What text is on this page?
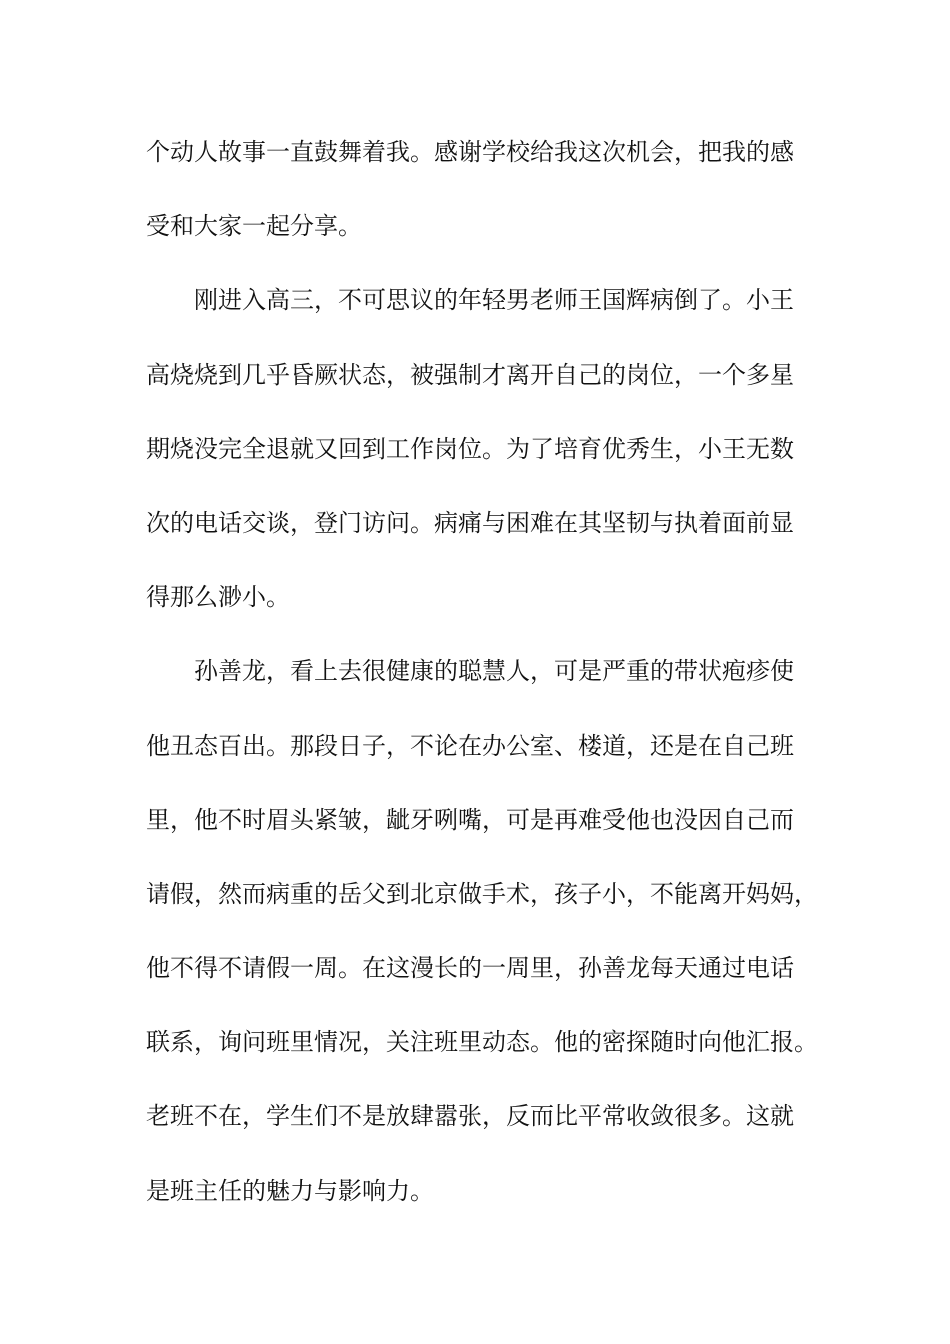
个动人故事一直鼓舞着我。感谢学校给我这次机会，把我的感
受和大家一起分享。
　　刚进入高三，不可思议的年轻男老师王国辉病倒了。小王
高烧烧到几乎昏厥状态，被强制才离开自己的岗位，一个多星
期烧没完全退就又回到工作岗位。为了培育优秀生，小王无数
次的电话交谈，登门访问。病痛与困难在其坚韧与执着面前显
得那么渺小。
　　孙善龙，看上去很健康的聪慧人，可是严重的带状疱疹使
他丑态百出。那段日子，不论在办公室、楼道，还是在自己班
里，他不时眉头紧皱，龇牙咧嘴，可是再难受他也没因自己而
请假，然而病重的岳父到北京做手术，孩子小，不能离开妈妈，
他不得不请假一周。在这漫长的一周里，孙善龙每天通过电话
联系，询问班里情况，关注班里动态。他的密探随时向他汇报。
老班不在，学生们不是放肆嚣张，反而比平常收敛很多。这就
是班主任的魅力与影响力。
